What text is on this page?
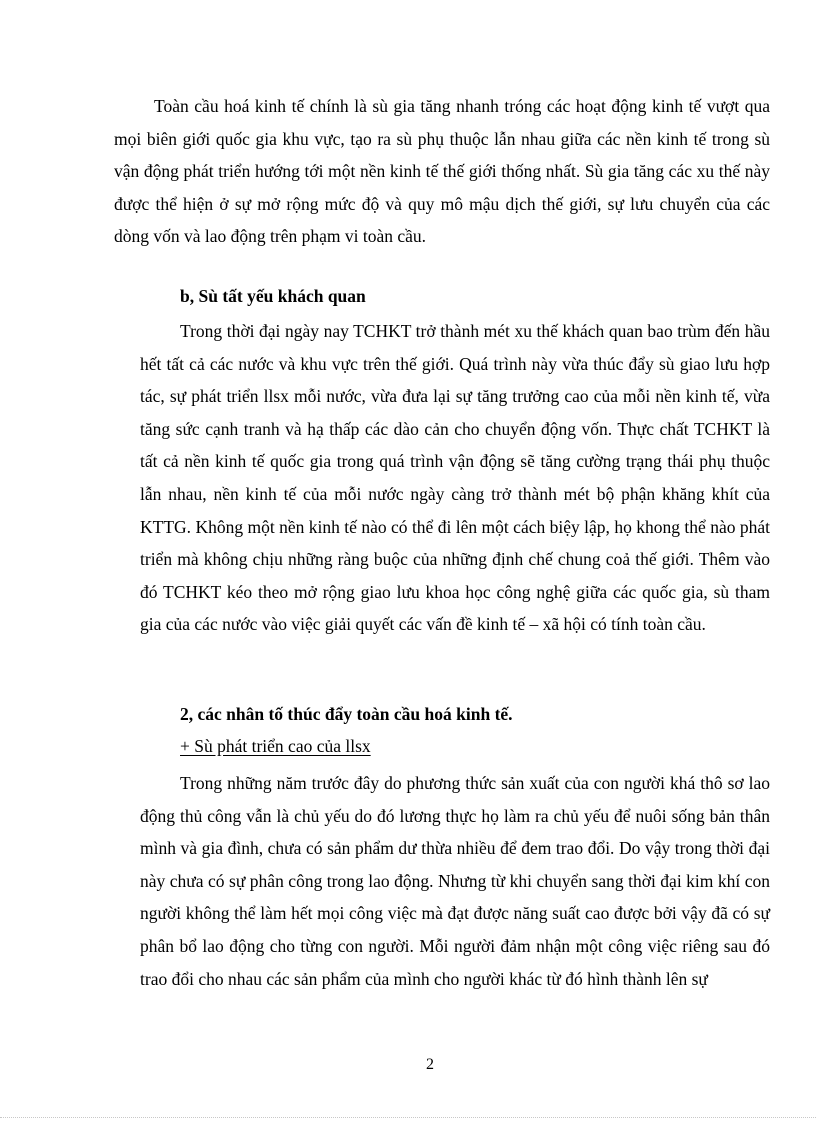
Toàn cầu hoá kinh tế chính là sù gia tăng nhanh tróng các hoạt động kinh tế vượt qua mọi biên giới quốc gia khu vực, tạo ra sù phụ thuộc lẫn nhau giữa các nền kinh tế trong sù vận động phát triển hướng tới một nền kinh tế thế giới thống nhất. Sù gia tăng các xu thế này được thể hiện ở sự mở rộng mức độ và quy mô mậu dịch thế giới, sự lưu chuyển của các dòng vốn và lao động trên phạm vi toàn cầu.

b, Sù tất yếu khách quan

Trong thời đại ngày nay TCHKT trở thành mét xu thế khách quan bao trùm đến hầu hết tất cả các nước và khu vực trên thế giới. Quá trình này vừa thúc đẩy sù giao lưu hợp tác, sự phát triển llsx mỗi nước, vừa đưa lại sự tăng trưởng cao của mỗi nền kinh tế, vừa tăng sức cạnh tranh và hạ thấp các dào cản cho chuyển động vốn. Thực chất TCHKT là tất cả nền kinh tế quốc gia trong quá trình vận động sẽ tăng cường trạng thái phụ thuộc lẫn nhau, nền kinh tế của mỗi nước ngày càng trở thành mét bộ phận khăng khít của KTTG. Không một nền kinh tế nào có thể đi lên một cách biệy lập, họ khong thể nào phát triển mà không chịu những ràng buộc của những định chế chung coả thế giới. Thêm vào đó TCHKT kéo theo mở rộng giao lưu khoa học công nghệ giữa các quốc gia, sù tham gia của các nước vào việc giải quyết các vấn đề kinh tế – xã hội có tính toàn cầu.

2, các nhân tố thúc đẩy toàn cầu hoá kinh tế.

+ Sù phát triển cao của llsx

Trong những năm trước đây do phương thức sản xuất của con người khá thô sơ lao động thủ công vẫn là chủ yếu do đó lương thực họ làm ra chủ yếu để nuôi sống bản thân mình và gia đình, chưa có sản phẩm dư thừa nhiều để đem trao đổi. Do vậy trong thời đại này chưa có sự phân công trong lao động. Nhưng từ khi chuyển sang thời đại kim khí con người không thể làm hết mọi công việc mà đạt được năng suất cao được bởi vậy đã có sự phân bổ lao động cho từng con người. Mỗi người đảm nhận một công việc riêng sau đó trao đổi cho nhau các sản phẩm của mình cho người khác từ đó hình thành lên sự

2
